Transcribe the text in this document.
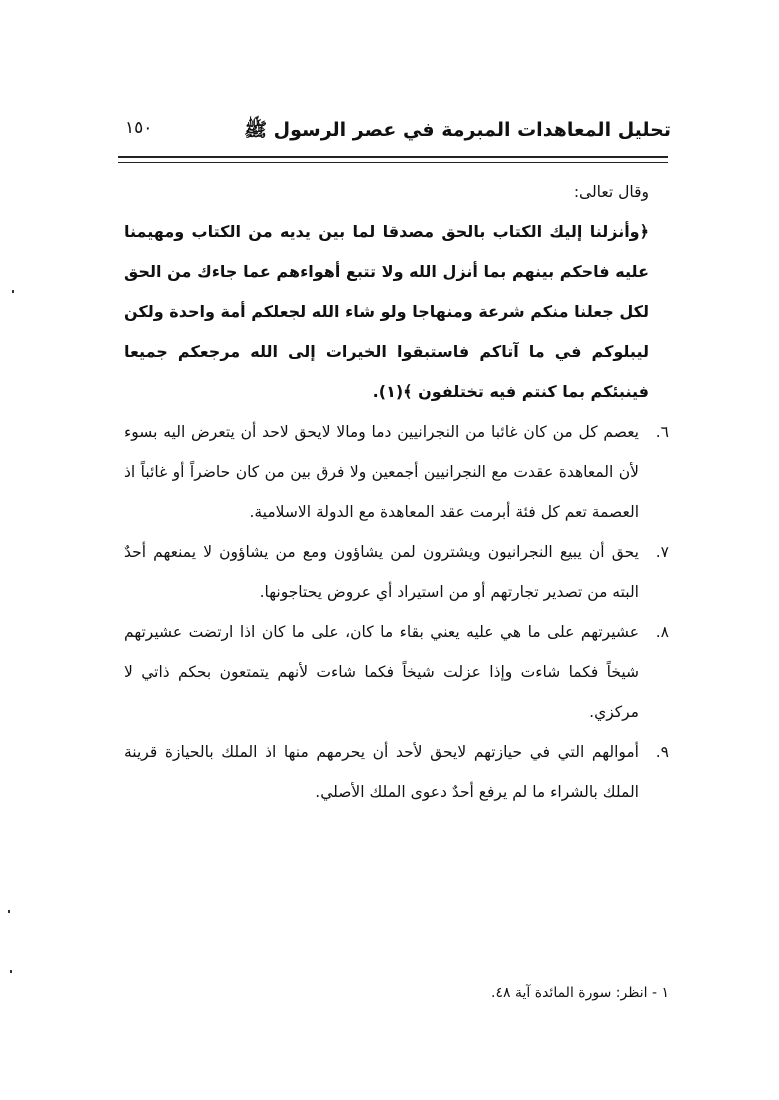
تحليل المعاهدات المبرمة في عصر الرسول ﷺ
١٥٠

وقال تعالى:

﴿وأنزلنا إليك الكتاب بالحق مصدقا لما بين يديه من الكتاب ومهيمنا عليه فاحكم بينهم بما أنزل الله ولا تتبع أهواءهم عما جاءك من الحق لكل جعلنا منكم شرعة ومنهاجا ولو شاء الله لجعلكم أمة واحدة ولكن ليبلوكم في ما آتاكم فاستبقوا الخيرات إلى الله مرجعكم جميعا فينبئكم بما كنتم فيه تختلفون ﴾(١).

٦.
يعصم كل من كان غائبا من النجرانيين دما ومالا لايحق لاحد أن يتعرض اليه بسوء لأن المعاهدة عقدت مع النجرانيين أجمعين ولا فرق بين من كان حاضراً أو غائباً اذ العصمة تعم كل فئة أبرمت عقد المعاهدة مع الدولة الاسلامية.
٧.
يحق أن يبيع النجرانيون ويشترون لمن يشاؤون ومع من يشاؤون لا يمنعهم أحدٌ البته من تصدير تجارتهم أو من استيراد أي عروض يحتاجونها.
٨.
عشيرتهم على ما هي عليه يعني بقاء ما كان، على ما كان اذا ارتضت عشيرتهم شيخاً فكما شاءت وإذا عزلت شيخاً فكما شاءت لأنهم يتمتعون بحكم ذاتي لا مركزي.
٩.
أموالهم التي في حيازتهم لايحق لأحد أن يحرمهم منها اذ الملك بالحيازة قرينة الملك بالشراء ما لم يرفع أحدٌ دعوى الملك الأصلي.
١ - انظر: سورة المائدة آية ٤٨.
